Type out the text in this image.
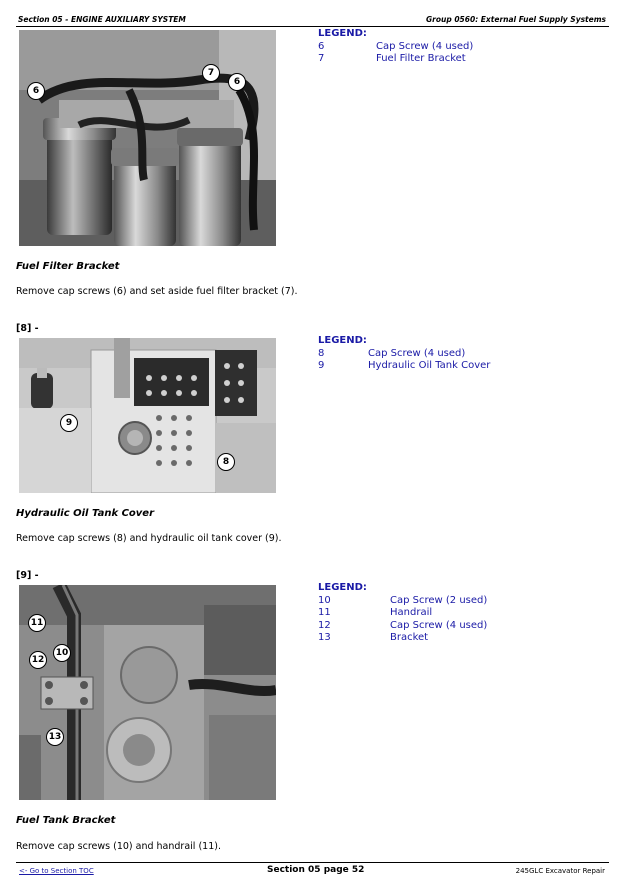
Section 05 - ENGINE AUXILIARY SYSTEM	Group 0560: External Fuel Supply Systems
6
7
6
LEGEND:
6	Cap Screw (4 used)
7	Fuel Filter Bracket
Fuel Filter Bracket
Remove cap screws (6) and set aside fuel filter bracket (7).
[8] -
9
8
LEGEND:
8	Cap Screw (4 used)
9	Hydraulic Oil Tank Cover
Hydraulic Oil Tank Cover
Remove cap screws (8) and hydraulic oil tank cover (9).
[9] -
11
12
10
13
LEGEND:
10	Cap Screw (2 used)
11	Handrail
12	Cap Screw (4 used)
13	Bracket
Fuel Tank Bracket
Remove cap screws (10) and handrail (11).
<- Go to Section TOC	Section 05 page 52	245GLC Excavator Repair
